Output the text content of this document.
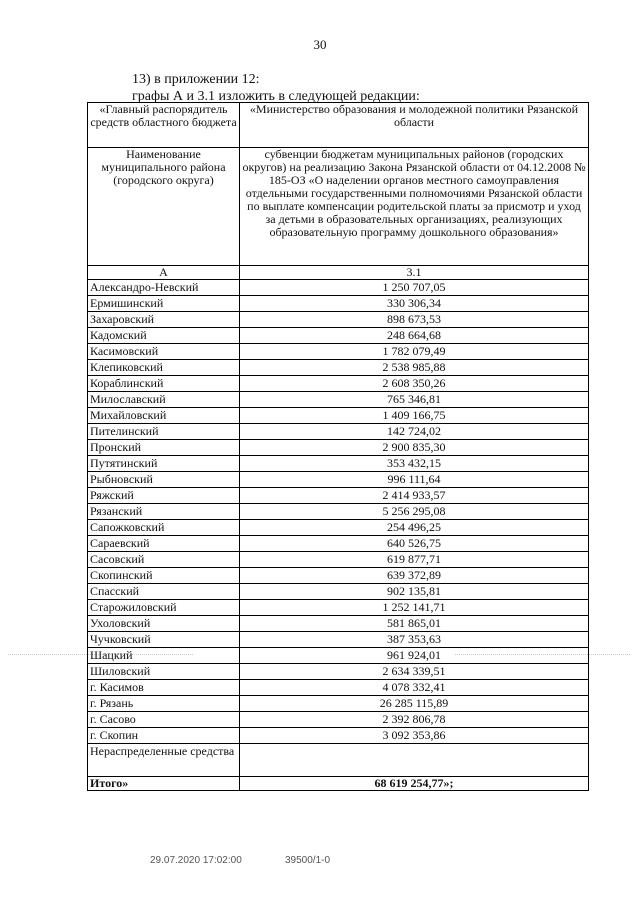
30
13) в приложении 12:
графы А и 3.1 изложить в следующей редакции:
«Главный распорядитель средств областного бюджета	«Министерство образования и молодежной политики Рязанской области
Наименование муниципального района (городского округа)	субвенции бюджетам муниципальных районов (городских округов) на реализацию Закона Рязанской области от 04.12.2008 № 185-ОЗ «О наделении органов местного самоуправления отдельными государственными полномочиями Рязанской области по выплате компенсации родительской платы за присмотр и уход за детьми в образовательных организациях, реализующих образовательную программу дошкольного образования»
А	3.1
Александро-Невский	1 250 707,05
Ермишинский	330 306,34
Захаровский	898 673,53
Кадомский	248 664,68
Касимовский	1 782 079,49
Клепиковский	2 538 985,88
Кораблинский	2 608 350,26
Милославский	765 346,81
Михайловский	1 409 166,75
Пителинский	142 724,02
Пронский	2 900 835,30
Путятинский	353 432,15
Рыбновский	996 111,64
Ряжский	2 414 933,57
Рязанский	5 256 295,08
Сапожковский	254 496,25
Сараевский	640 526,75
Сасовский	619 877,71
Скопинский	639 372,89
Спасский	902 135,81
Старожиловский	1 252 141,71
Ухоловский	581 865,01
Чучковский	387 353,63
Шацкий	961 924,01
Шиловский	2 634 339,51
г. Касимов	4 078 332,41
г. Рязань	26 285 115,89
г. Сасово	2 392 806,78
г. Скопин	3 092 353,86
Нераспределенные средства	
Итого»	68 619 254,77»;
29.07.2020 17:02:00	39500/1-0
